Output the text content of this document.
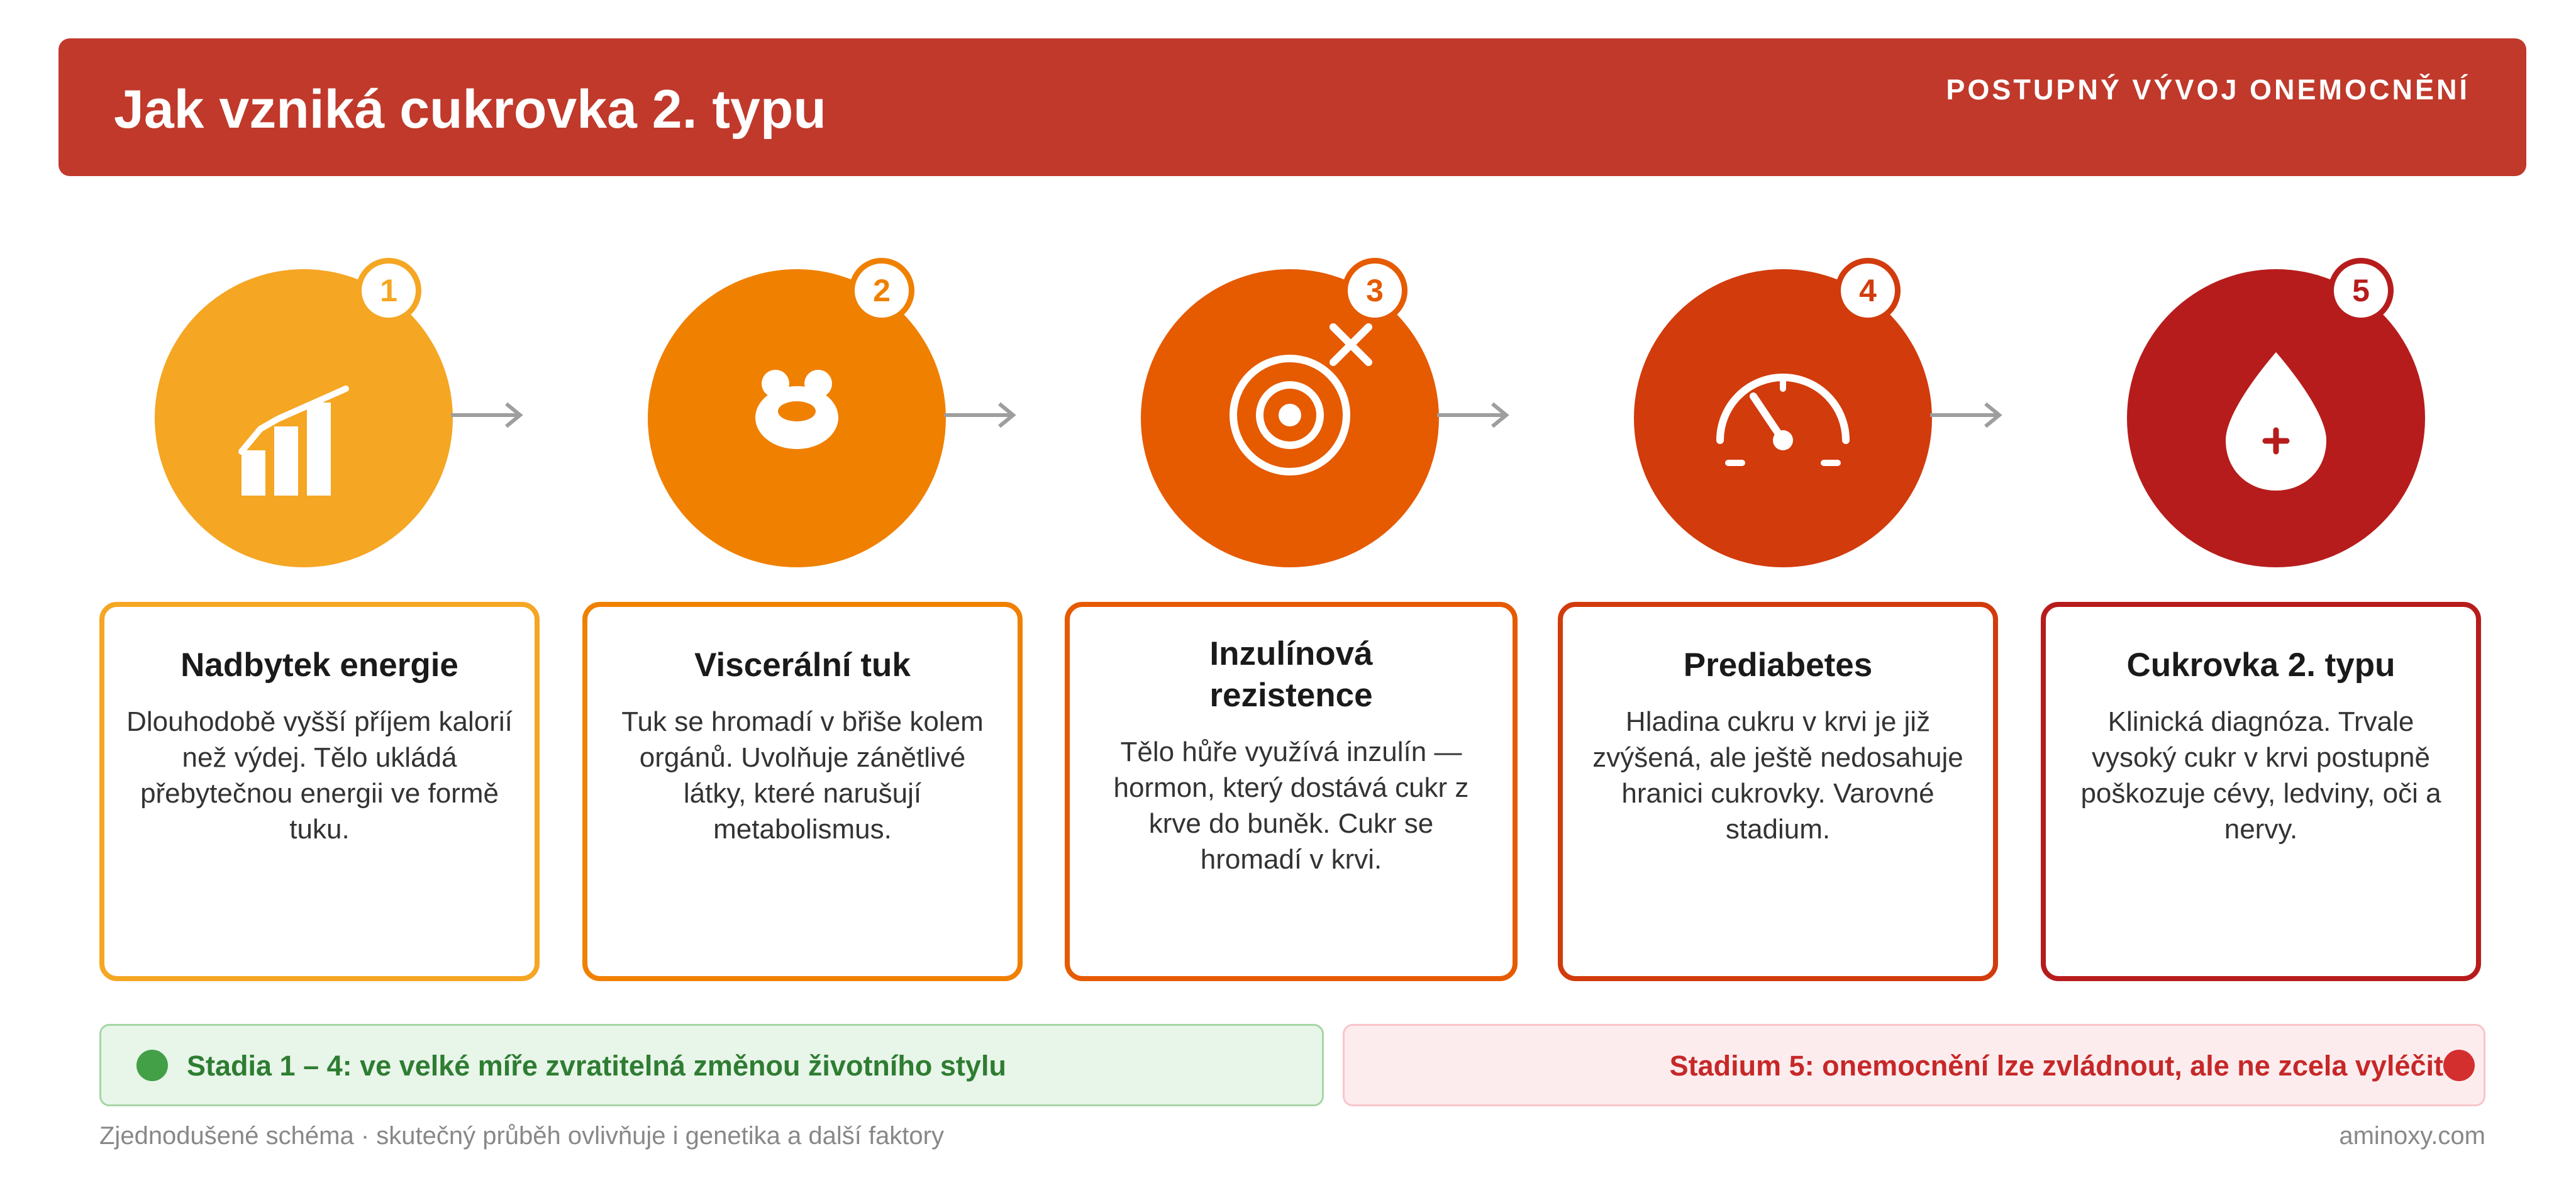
Jak vzniká cukrovka 2. typu	POSTUPNÝ VÝVOJ ONEMOCNĚNÍ
1	2	3	4	5
Nadbytek energie
Dlouhodobě vyšší příjem kalorií než výdej. Tělo ukládá přebytečnou energii ve formě tuku.
Viscerální tuk
Tuk se hromadí v břiše kolem orgánů. Uvolňuje zánětlivé látky, které narušují metabolismus.
Inzulínová rezistence
Tělo hůře využívá inzulín — hormon, který dostává cukr z krve do buněk. Cukr se hromadí v krvi.
Prediabetes
Hladina cukru v krvi je již zvýšená, ale ještě nedosahuje hranici cukrovky. Varovné stadium.
Cukrovka 2. typu
Klinická diagnóza. Trvale vysoký cukr v krvi postupně poškozuje cévy, ledviny, oči a nervy.
Stadia 1 – 4: ve velké míře zvratitelná změnou životního stylu	Stadium 5: onemocnění lze zvládnout, ale ne zcela vyléčit
Zjednodušené schéma · skutečný průběh ovlivňuje i genetika a další faktory	aminoxy.com
